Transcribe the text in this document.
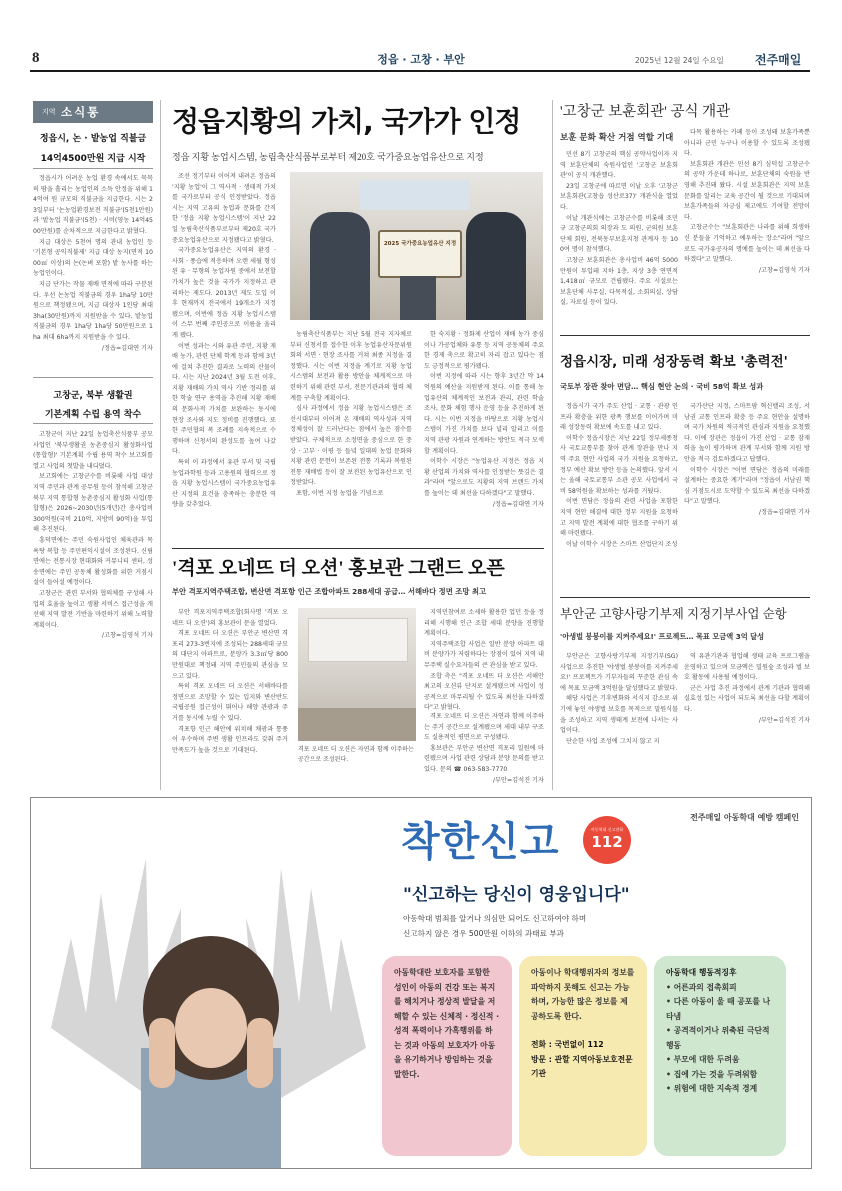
8	정읍 · 고창 · 부안	2025년 12월 24일 수요일	전주매일
지역 소식통
정읍시, 논 · 밭농업 직불금
14억4500만원 지급 시작

정읍시가 어려운 농업 환경 속에서도 묵묵히 땀을 흘리는 농업인의 소득 안정을 위해 14억여 원 규모의 직불금을 지급한다. 시는 23일부터 '논농업환경보전 직불금'(5천1만원) 과 '밭농업 직불금'(5천) · 시비(영농 14억4500만원)를 순차적으로 지급한다고 밝혔다.

지급 대상은 5천여 명의 관내 농업인 등 '기본형 공익직불제' 지급 대상 농지(면적 1000㎡ 이상)의 논(논벼 포함) 밭 농사를 하는 농업인이다.

지급 단가는 작물 재배 면적에 따라 구분된다. 우선 논농업 직불금의 경우 1ha당 10만원으로 책정됐으며, 지급 대상자 1인당 최대 3ha(30만원)까지 지원받을 수 있다. 밭농업 직불금의 경우 1ha당 1ha당 50만원으로 1ha 최대 6ha까지 지원받을 수 있다.

/정읍=김대연 기자

고창군, 북부 생활권
기본계획 수립 용역 착수

고창군이 지난 22일 농업축산식품부 공모사업인 '북부생활권 농촌중심지 활성화사업(통합형)' 기본계획 수립 용역 착수 보고회를 열고 사업의 첫발을 내디뎠다.

보고회에는 고창군수를 비롯해 사업 대상 지역 주민과 관계 공무원 등이 참석해 고창군 북부 지역 통합형 농촌중심지 활성화 사업(통합형)은 2026~2030년(5개년)간 총사업비 300억원(국비 210억, 지방비 90억)을 투입해 추진된다.

흥덕면에는 주민 숙원사업인 체육관과 목욕탕 복합 등 주민편익시설이 조성된다. 신림면에는 전통시장 현대화와 커뮤니티 센터, 성송면에는 주민 공동체 활성화를 위한 거점시설이 들어설 예정이다.

고창군은 관련 부서와 협의체를 구성해 사업의 효율을 높이고 생활 서비스 접근성을 개선해 지역 발전 기반을 마련하기 위해 노력할 계획이다.

/고창=김영석 기자

정읍지황의 가치, 국가가 인정
정읍 지황 농업시스템, 농림축산식품부로부터 제20호 국가중요농업유산으로 지정

조선 정기부터 이어져 내려온 정읍의 '지황 농업'이 그 역사적 · 생태적 가치를 국가로부터 공식 인정받았다. 정읍시는 지역 고유의 농업과 문화를 간직한 '정읍 지황 농업시스템'이 지난 22일 농림축산식품부로부터 제20호 국가중요농업유산으로 지정됐다고 밝혔다.

국가중요농업유산은 지역의 환경 · 사회 · 풍습에 적응하며 오랜 세월 형성된 유 · 무형의 농업자원 중에서 보전할 가치가 높은 것을 국가가 지정하고 관리하는 제도다. 2013년 제도 도입 이후 현재까지 전국에서 19개소가 지정됐으며, 이번에 정읍 지황 농업시스템이 스무 번째 주인공으로 이름을 올리게 됐다.

이번 성과는 시와 유관 주민, 지황 재배 농가, 관련 단체 학계 등과 함께 3년에 걸쳐 추진한 결과로 노력의 산물이다. 시는 지난 2024년 3월 도전 이후, 지황 재배의 가치 역사 기반 정리를 위한 학술 연구 용역을 추진해 지황 재배의 문화사적 가치를 보완하는 동시에 현장 조사와 지도 정비를 진행했다. 또한 주민협의 복 조례를 지속적으로 수행하며 신청서의 완성도를 높여 나갔다.

특히 이 과정에서 유관 부서 및 국립농업과학원 등과 고용원의 협력으로 정읍 지황 농업시스템이 국가중요농업유산 지정의 요건을 충족하는 충분한 역량을 갖추었다.

2025 국가중요농업유산 지정

농림축산식품부는 지난 5월 전국 지자체로부터 신청서를 접수한 이후 농업유산자문위원회의 서면 · 현장 조사를 거쳐 최종 지정을 결정했다. 시는 이번 지정을 계기로 지황 농업 시스템의 보전과 활용 방안을 체계적으로 마련하기 위해 관련 부서, 전문기관과의 협력 체계를 구축할 계획이다.

심사 과정에서 정읍 지황 농업시스템은 조선시대부터 이어져 온 재배의 역사성과 지역 정체성이 잘 드러난다는 점에서 높은 점수를 받았다. 구체적으로 소정면을 중심으로 한 중상 · 고부 · 이평 등 들녘 일대의 농업 문화와 지황 관련 문헌이 보존된 전통 기록과 복원된 전통 재배법 등이 잘 보전된 농업유산으로 인정받았다.

포함, 이번 지정 농업을 기념으로

한 숙지황 · 정화제 산업이 재배 농가 중심 이나 가공업체와 유통 등 지역 공동체의 주요한 경제 축으로 확고히 자리 잡고 있다는 점도 긍정적으로 평가됐다.

이번 지정에 따라 시는 향후 3년간 약 14억원의 예산을 지원받게 된다. 이를 통해 농업유산의 체계적인 보전과 관리, 관련 학술 조사, 문화 체험 행사 운영 등을 추진하게 된다. 시는 이번 지정을 바탕으로 지황 농업시스템이 가진 가치를 보다 널리 알리고 이를 지역 관광 자원과 연계하는 방안도 적극 모색할 계획이다.

이학수 시장은 "농업유산 지정은 정읍 지황 산업의 가치와 역사를 인정받는 뜻깊은 결과"라며 "앞으로도 지황의 지역 브랜드 가치를 높이는 데 최선을 다하겠다"고 말했다.

/정읍=김대연 기자

'격포 오네뜨 더 오션' 홍보관 그랜드 오픈
부안 격포지역주택조합, 변산면 격포항 인근 조합아파트 288세대 공급… 서해바다 정면 조망 최고

부안 격포지역주택조합(회사명 '격포 오네뜨 더 오션')의 홍보관이 문을 열었다.

격포 오네뜨 더 오션은 부안군 변산면 격포리 273-3번지에 조성되는 288세대 규모의 대단지 아파트로, 분양가 3.3㎡당 800만원대로 책정돼 지역 주민들의 관심을 모으고 있다.

특히 격포 오네뜨 더 오션은 서해바다를 정면으로 조망할 수 있는 입지와 변산반도 국립공원 접근성이 뛰어나 해양 관광과 주거를 동시에 누릴 수 있다.

격포항 인근 해안에 위치해 채광과 통풍이 우수하며 주변 생활 인프라도 갖춰 주거 만족도가 높을 것으로 기대된다.

지역민참여로 소세하 활용한 업던 등을 정리해 시행해 인근 조합 세대 분양을 진행할 계획이다.

지역주택조합 사업은 일반 분양 아파트 대비 분양가가 저렴하다는 장점이 있어 지역 내 무주택 실수요자들의 큰 관심을 받고 있다.

조합 측은 "격포 오네뜨 더 오션은 서해안 최고의 오션뷰 단지로 설계됐으며 사업이 성공적으로 마무리될 수 있도록 최선을 다하겠다"고 밝혔다.

격포 오네뜨 더 오션은 자연과 함께 이주하는 공간으로 조성된다.

격포 오네뜨 더 오션은 자연과 함께 이주하는 주거 공간으로 설계됐으며 세대 내부 구조도 실용적인 평면으로 구성됐다.

홍보관은 부안군 변산면 격포리 일원에 마련됐으며 사업 관련 상담과 분양 문의를 받고 있다. 문의 ☎ 063-583-7770

/부안=김석진 기자

'고창군 보훈회관' 공식 개관
보훈 문화 확산 거점 역할 기대

민선 8기 고창군의 핵심 공약사업이자 지역 보훈단체의 숙원사업인 '고창군 보훈회관'이 공식 개관했다.

23일 고창군에 따르면 이날 오후 '고창군 보훈회관(고창읍 성산로37)' 개관식을 열었다.

이날 개관식에는 고창군수를 비롯해 조민규 고창군의회 의장과 도 의원, 군의원 보훈단체 회원, 전북동부보훈지청 관계자 등 100여 명이 참석했다.

고창군 보훈회관은 총사업비 46억 5000만원이 투입돼 지하 1층, 지상 3층 연면적 1,418㎡ 규모로 건립됐다. 주요 시설로는 보훈단체 사무실, 다목적실, 소회의실, 상담실, 자료실 등이 있다.

다목 활용하는 카페 등이 조성돼 보훈가족뿐 아니라 군민 누구나 이용할 수 있도록 조성됐다.

보훈회관 개관은 민선 8기 심덕섭 고창군수의 공약 가운데 하나로, 보훈단체의 숙원을 반영해 추진돼 왔다. 시설 보훈회관은 지역 보훈 문화를 알리는 교육 공간이 될 것으로 기대되며 보훈가족들의 자긍심 제고에도 기여할 전망이다.

고창군수는 "보훈회관은 나라를 위해 희생하신 분들을 기억하고 예우하는 장소"라며 "앞으로도 국가유공자의 명예를 높이는 데 최선을 다하겠다"고 말했다.

/고창=김영석 기자

정읍시장, 미래 성장동력 확보 '총력전'
국토부 장관 찾아 면담… 핵심 현안 논의 · 국비 58억 확보 성과

정읍시가 국가 주도 산업 · 교통 · 관광 인프라 확충을 위한 광폭 행보를 이어가며 미래 성장동력 확보에 속도를 내고 있다.

이학수 정읍시장은 지난 22일 정부세종청사 국토교통부를 찾아 관계 장관을 만나 지역 주요 현안 사업의 국가 지원을 요청하고, 정부 예산 확보 방안 등을 논의했다. 앞서 시는 올해 국토교통부 소관 공모 사업에서 국비 58억원을 확보하는 성과를 거뒀다.

이번 면담은 정읍의 관련 사업을 포함한 지역 현안 해결에 대한 정부 지원을 요청하고 지역 발전 계획에 대한 협조를 구하기 위해 마련됐다.

이날 이학수 시장은 스마트 산업단지 조성

국가산단 지정, 스마트팜 혁신밸리 조성, 서남권 교통 인프라 확충 등 주요 현안을 설명하며 국가 차원의 적극적인 관심과 지원을 요청했다. 이에 장관은 정읍이 가진 산업 · 교통 잠재력을 높이 평가하며 관계 부서와 함께 지원 방안을 적극 검토하겠다고 답했다.

이학수 시장은 "이번 면담은 정읍의 미래를 설계하는 중요한 계기"라며 "정읍이 서남권 핵심 거점도시로 도약할 수 있도록 최선을 다하겠다"고 말했다.

/정읍=김대연 기자

부안군 고향사랑기부제 지정기부사업 순항
'아생벌 붕붕이를 지켜주세요!' 프로젝트… 목표 모금액 3억 달성

부안군은 고향사랑기부제 지정기부(SG) 사업으로 추진한 '야생벌 붕붕이를 지켜주세요!' 프로젝트가 기부자들의 꾸준한 관심 속에 목표 모금액 3억원을 달성했다고 밝혔다.

해당 사업은 기후변화와 서식지 감소로 위기에 놓인 야생벌 보호를 목적으로 밀원식물을 조성하고 지역 생태계 보전에 나서는 사업이다.

단순한 사업 조성에 그치지 않고 지

역 유관기관과 협업해 생태 교육 프로그램을 운영하고 있으며 모금액은 밀원숲 조성과 벌 보호 활동에 사용될 예정이다.

군은 사업 추진 과정에서 관계 기관과 협력해 실효성 있는 사업이 되도록 최선을 다할 계획이다.

/부안=김석진 기자

전주매일 아동학대 예방 캠페인
착한신고	아동학대 신고전화
112
"신고하는 당신이 영웅입니다"
아동학대 범죄를 알거나 의심만 되어도 신고하여야 하며
신고하지 않은 경우 500만원 이하의 과태료 부과
아동학대란 보호자를 포함한 성인이 아동의 건강 또는 복지를 해치거나 정상적 발달을 저해할 수 있는 신체적 · 정신적 · 성적 폭력이나 가혹행위를 하는 것과 아동의 보호자가 아동을 유기하거나 방임하는 것을 말한다.
아동이나 학대행위자의 정보를 파악하지 못해도 신고는 가능하며, 가능한 많은 정보를 제공하도록 한다.
전화 : 국번없이 112
방문 : 관할 지역아동보호전문기관
아동학대 행동적징후
• 어른과의 접촉회피
• 다른 아동이 울 때 공포를 나타냄
• 공격적이거나 위축된 극단적 행동
• 부모에 대한 두려움
• 집에 가는 것을 두려워함
• 위험에 대한 지속적 경계
